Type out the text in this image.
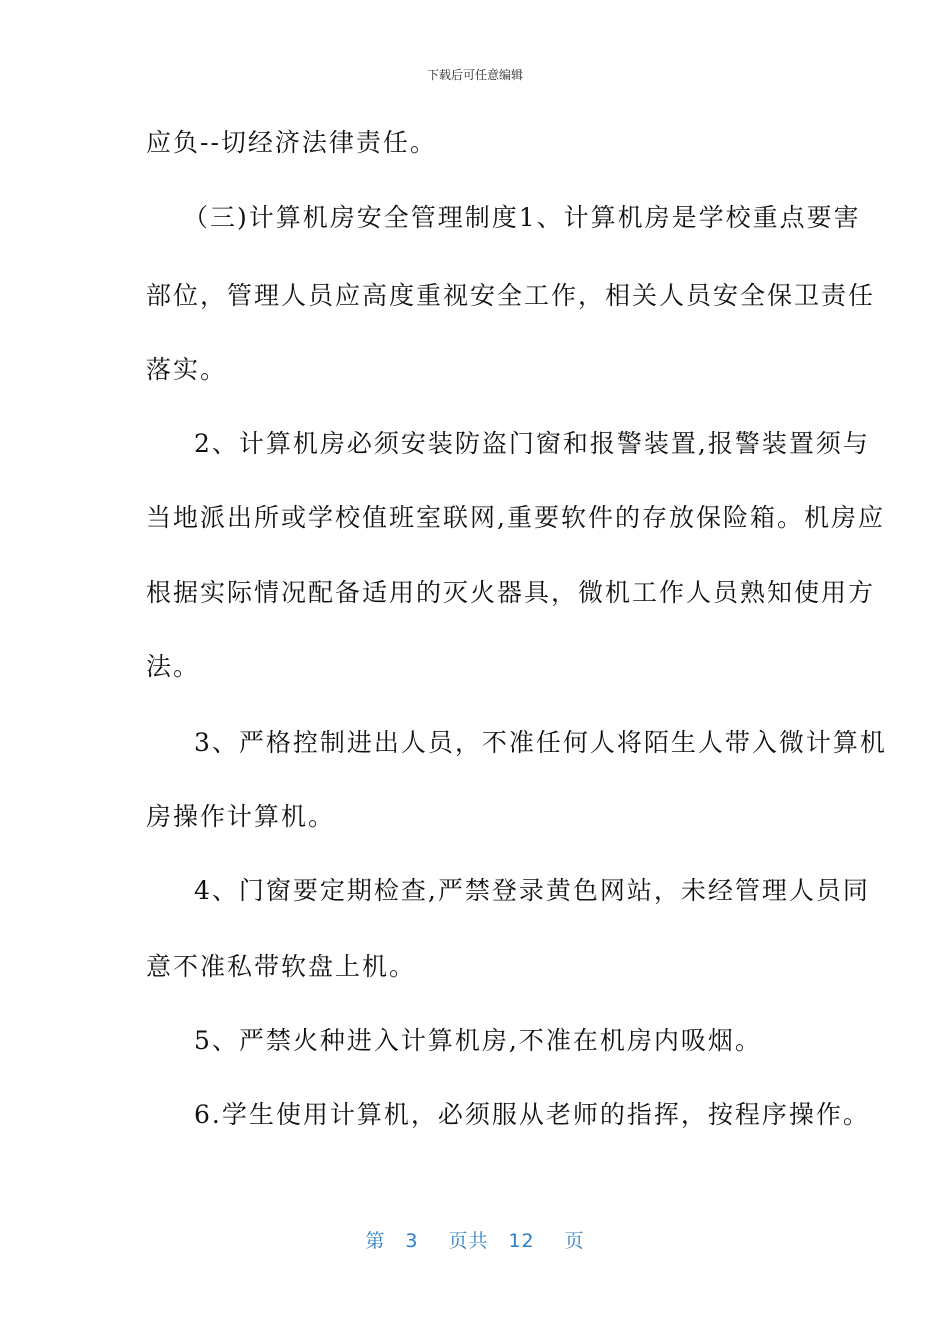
下载后可任意编辑
应负--切经济法律责任。
（三)计算机房安全管理制度1、计算机房是学校重点要害
部位，管理人员应高度重视安全工作，相关人员安全保卫责任
落实。
2、计算机房必须安装防盗门窗和报警装置,报警装置须与
当地派出所或学校值班室联网,重要软件的存放保险箱。机房应
根据实际情况配备适用的灭火器具，微机工作人员熟知使用方
法。
3、严格控制进出人员，不准任何人将陌生人带入微计算机
房操作计算机。
4、门窗要定期检查,严禁登录黄色网站，未经管理人员同
意不准私带软盘上机。
5、严禁火种进入计算机房,不准在机房内吸烟。
6.学生使用计算机，必须服从老师的指挥，按程序操作。
第 3 页共 12 页
